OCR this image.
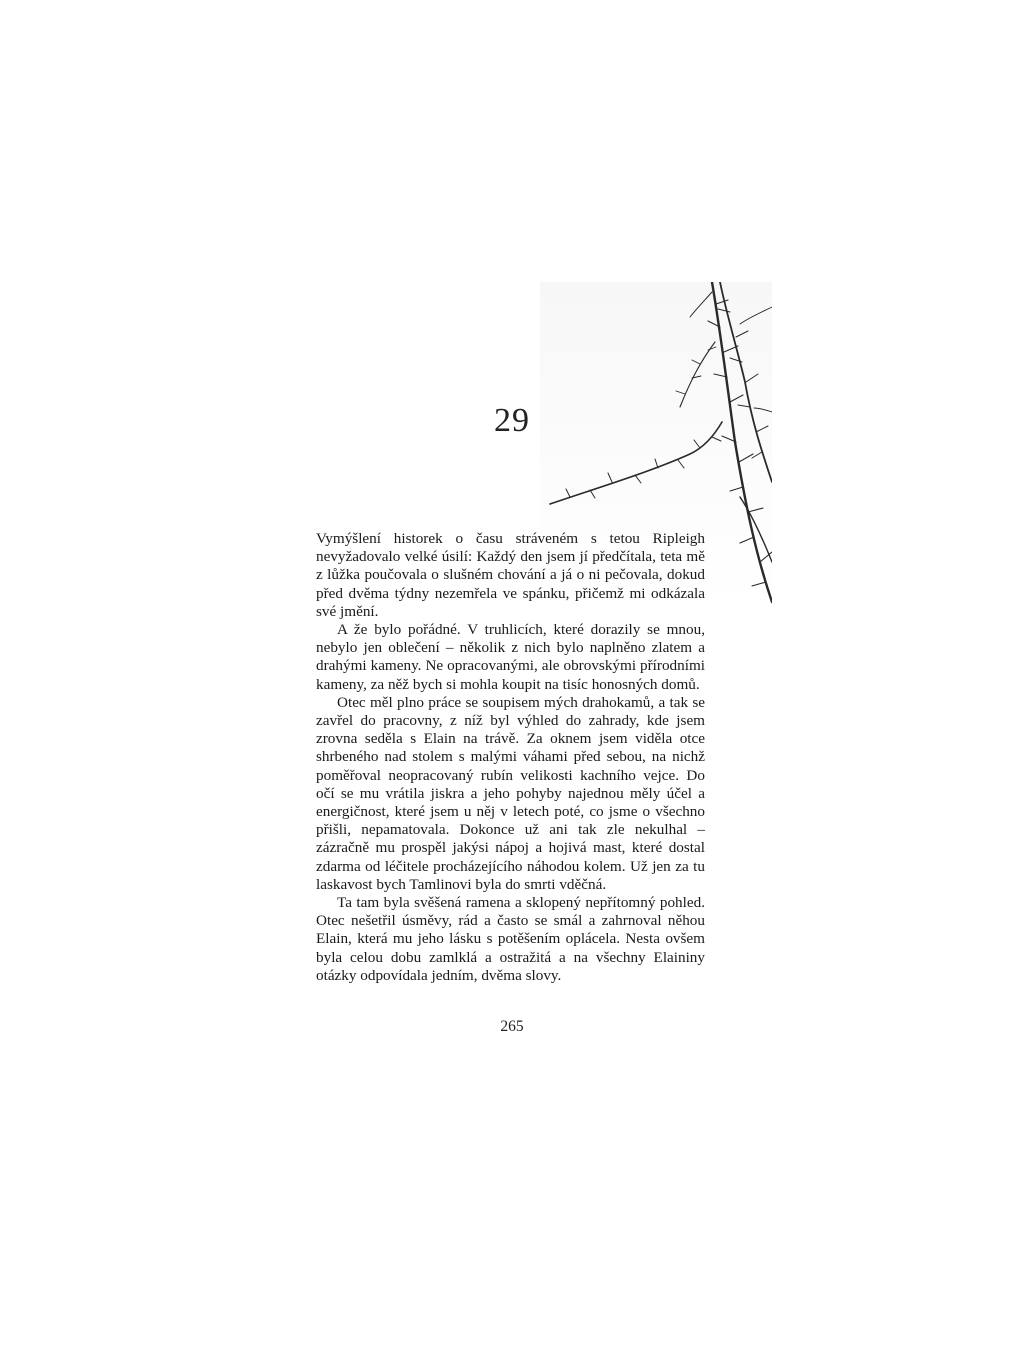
29

Vymýšlení historek o času stráveném s tetou Ripleigh nevyžadovalo velké úsilí: Každý den jsem jí předčítala, teta mě z lůžka poučovala o slušném chování a já o ni pečovala, dokud před dvěma týdny nezemřela ve spánku, přičemž mi odkázala své jmění.

A že bylo pořádné. V truhlicích, které dorazily se mnou, nebylo jen oblečení – několik z nich bylo naplněno zlatem a drahými kameny. Ne opracovanými, ale obrovskými přírodními kameny, za něž bych si mohla koupit na tisíc honosných domů.

Otec měl plno práce se soupisem mých drahokamů, a tak se zavřel do pracovny, z níž byl výhled do zahrady, kde jsem zrovna seděla s Elain na trávě. Za oknem jsem viděla otce shrbeného nad stolem s malými váhami před sebou, na nichž poměřoval neopracovaný rubín velikosti kachního vejce. Do očí se mu vrátila jiskra a jeho pohyby najednou měly účel a energičnost, které jsem u něj v letech poté, co jsme o všechno přišli, nepamatovala. Dokonce už ani tak zle nekulhal – zázračně mu prospěl jakýsi nápoj a hojivá mast, které dostal zdarma od léčitele procházejícího náhodou kolem. Už jen za tu laskavost bych Tamlinovi byla do smrti vděčná.

Ta tam byla svěšená ramena a sklopený nepřítomný pohled. Otec nešetřil úsměvy, rád a často se smál a zahrnoval něhou Elain, která mu jeho lásku s potěšením oplácela. Nesta ovšem byla celou dobu zamlklá a ostražitá a na všechny Elaininy otázky odpovídala jedním, dvěma slovy.

265
